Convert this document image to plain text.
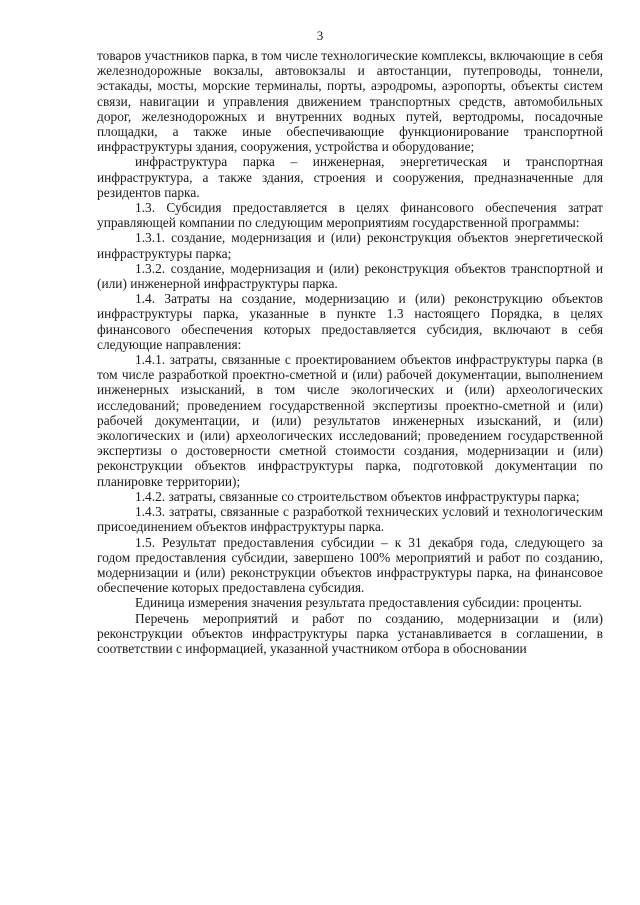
3

товаров участников парка, в том числе технологические комплексы, включающие в себя железнодорожные вокзалы, автовокзалы и автостанции, путепроводы, тоннели, эстакады, мосты, морские терминалы, порты, аэродромы, аэропорты, объекты систем связи, навигации и управления движением транспортных средств, автомобильных дорог, железнодорожных и внутренних водных путей, вертодромы, посадочные площадки, а также иные обеспечивающие функционирование транспортной инфраструктуры здания, сооружения, устройства и оборудование;

инфраструктура парка – инженерная, энергетическая и транспортная инфраструктура, а также здания, строения и сооружения, предназначенные для резидентов парка.

1.3. Субсидия предоставляется в целях финансового обеспечения затрат управляющей компании по следующим мероприятиям государственной программы:

1.3.1. создание, модернизация и (или) реконструкция объектов энергетической инфраструктуры парка;

1.3.2. создание, модернизация и (или) реконструкция объектов транспортной и (или) инженерной инфраструктуры парка.

1.4. Затраты на создание, модернизацию и (или) реконструкцию объектов инфраструктуры парка, указанные в пункте 1.3 настоящего Порядка, в целях финансового обеспечения которых предоставляется субсидия, включают в себя следующие направления:

1.4.1. затраты, связанные с проектированием объектов инфраструктуры парка (в том числе разработкой проектно-сметной и (или) рабочей документации, выполнением инженерных изысканий, в том числе экологических и (или) археологических исследований; проведением государственной экспертизы проектно-сметной и (или) рабочей документации, и (или) результатов инженерных изысканий, и (или) экологических и (или) археологических исследований; проведением государственной экспертизы о достоверности сметной стоимости создания, модернизации и (или) реконструкции объектов инфраструктуры парка, подготовкой документации по планировке территории);

1.4.2. затраты, связанные со строительством объектов инфраструктуры парка;

1.4.3. затраты, связанные с разработкой технических условий и технологическим присоединением объектов инфраструктуры парка.

1.5. Результат предоставления субсидии – к 31 декабря года, следующего за годом предоставления субсидии, завершено 100% мероприятий и работ по созданию, модернизации и (или) реконструкции объектов инфраструктуры парка, на финансовое обеспечение которых предоставлена субсидия.

Единица измерения значения результата предоставления субсидии: проценты.

Перечень мероприятий и работ по созданию, модернизации и (или) реконструкции объектов инфраструктуры парка устанавливается в соглашении, в соответствии с информацией, указанной участником отбора в обосновании
